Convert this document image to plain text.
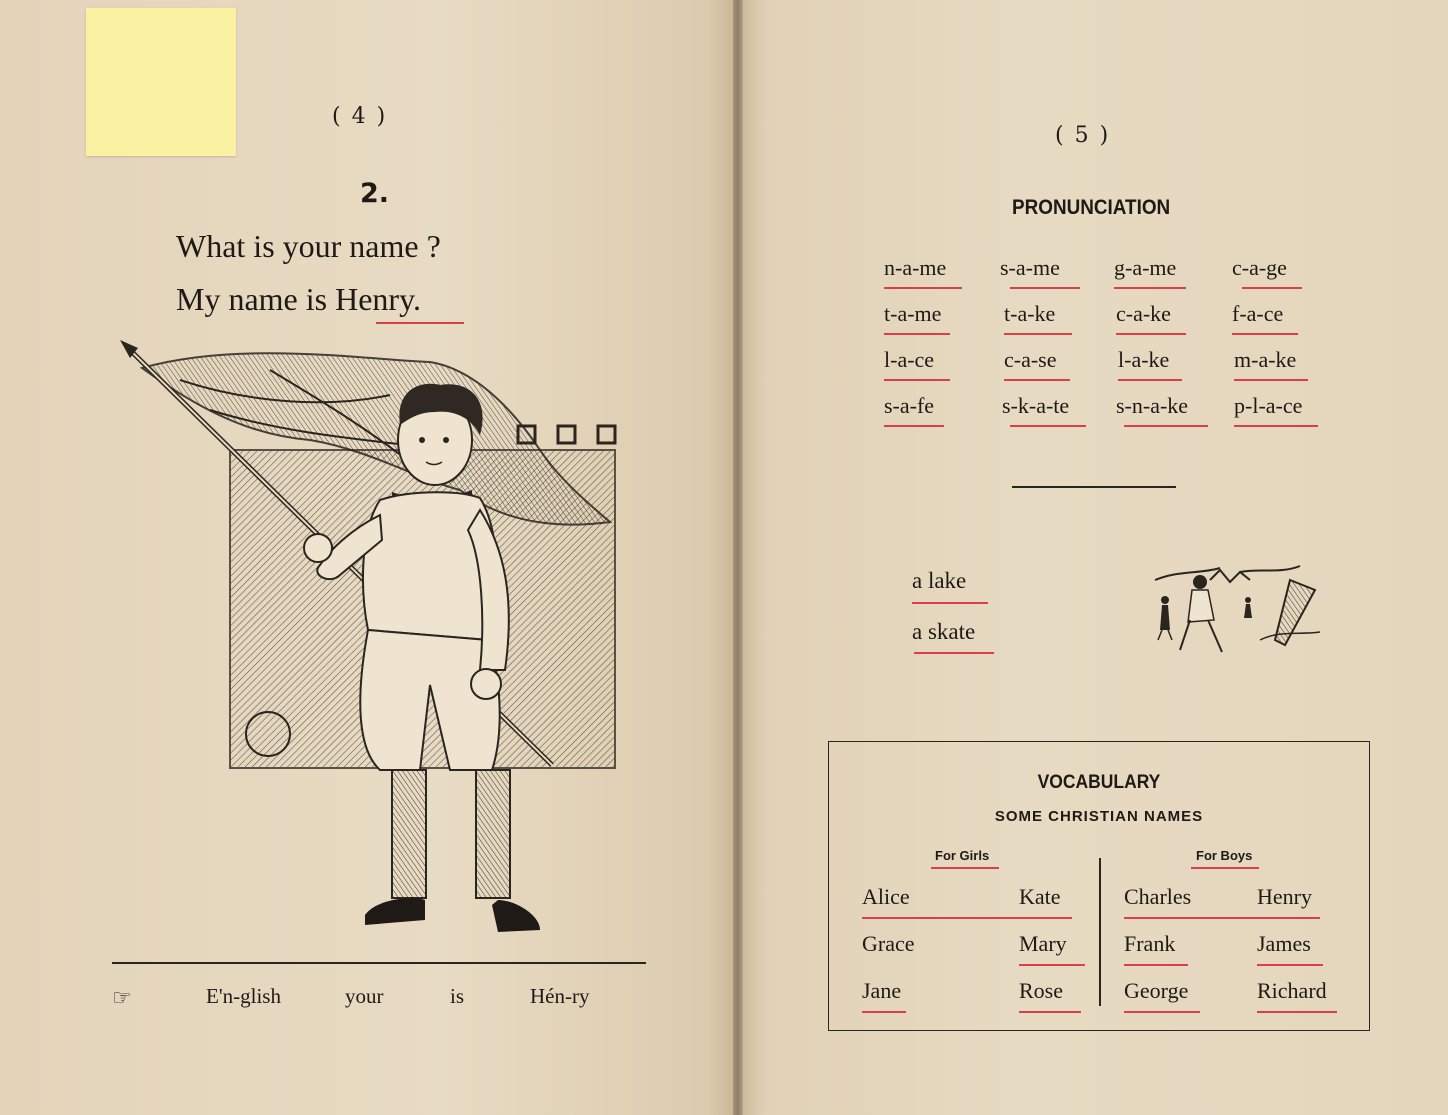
( 4 )
2.
What is your name ?
My name is Henry.
☞	E'n-glish	your	is	Hén-ry
( 5 )
PRONUNCIATION
n-a-me s-a-me g-a-me	c-a-ge
t-a-me	t-a-ke	c-a-ke	f-a-ce
l-a-ce	c-a-se	l-a-ke	m-a-ke
s-a-fe	s-k-a-te s-n-a-ke p-l-a-ce
a lake
a skate
VOCABULARY
SOME CHRISTIAN NAMES
For Girls	For Boys
Alice	Kate
Grace	Mary
Jane	Rose
Charles	Henry
Frank	James
George	Richard
